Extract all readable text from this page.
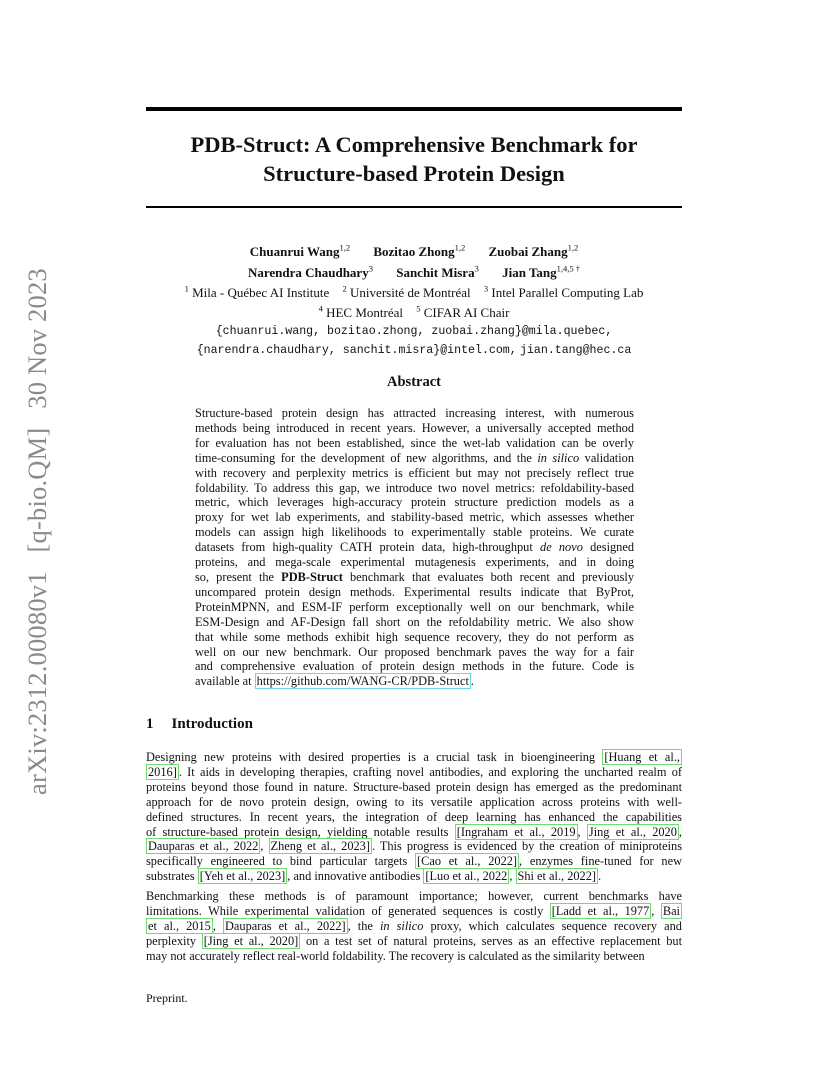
arXiv:2312.00080v1 [q-bio.QM] 30 Nov 2023
PDB-Struct: A Comprehensive Benchmark for
Structure-based Protein Design
Chuanrui Wang$^{1,2}$ Bozitao Zhong$^{1,2}$ Zuobai Zhang$^{1,2}$
Narendra Chaudhary$^3$ Sanchit Misra$^3$ Jian Tang$^{1,4,5 \dagger}$
$^1$ Mila - Québec AI Institute $^2$ Université de Montréal $^3$ Intel Parallel Computing Lab
$^4$ HEC Montréal $^5$ CIFAR AI Chair
{chuanrui.wang, bozitao.zhong, zuobai.zhang}@mila.quebec,
{narendra.chaudhary, sanchit.misra}@intel.com, jian.tang@hec.ca
Abstract
Structure-based protein design has attracted increasing interest, with numerous
methods being introduced in recent years. However, a universally accepted method
for evaluation has not been established, since the wet-lab validation can be overly
time-consuming for the development of new algorithms, and the in silico validation
with recovery and perplexity metrics is efficient but may not precisely reflect true
foldability. To address this gap, we introduce two novel metrics: refoldability-based
metric, which leverages high-accuracy protein structure prediction models as a
proxy for wet lab experiments, and stability-based metric, which assesses whether
models can assign high likelihoods to experimentally stable proteins. We curate
datasets from high-quality CATH protein data, high-throughput de novo designed
proteins, and mega-scale experimental mutagenesis experiments, and in doing
so, present the PDB-Struct benchmark that evaluates both recent and previously
uncompared protein design methods. Experimental results indicate that ByProt,
ProteinMPNN, and ESM-IF perform exceptionally well on our benchmark, while
ESM-Design and AF-Design fall short on the refoldability metric. We also show
that while some methods exhibit high sequence recovery, they do not perform as
well on our new benchmark. Our proposed benchmark paves the way for a fair
and comprehensive evaluation of protein design methods in the future. Code is
available at https://github.com/WANG-CR/PDB-Struct .
1 Introduction
Designing new proteins with desired properties is a crucial task in bioengineering [Huang et al.,
2016] . It aids in developing therapies, crafting novel antibodies, and exploring the uncharted realm of
proteins beyond those found in nature. Structure-based protein design has emerged as the predominant
approach for de novo protein design, owing to its versatile application across proteins with well-
defined structures. In recent years, the integration of deep learning has enhanced the capabilities
of structure-based protein design, yielding notable results [Ingraham et al., 2019 , Jing et al., 2020 ,
Dauparas et al., 2022 , Zheng et al., 2023] . This progress is evidenced by the creation of miniproteins
specifically engineered to bind particular targets [Cao et al., 2022] , enzymes fine-tuned for new
substrates [Yeh et al., 2023] , and innovative antibodies [Luo et al., 2022 , Shi et al., 2022] .
Benchmarking these methods is of paramount importance; however, current benchmarks have
limitations. While experimental validation of generated sequences is costly [Ladd et al., 1977 , Bai
et al., 2015 , Dauparas et al., 2022] , the in silico proxy, which calculates sequence recovery and
perplexity [Jing et al., 2020] on a test set of natural proteins, serves as an effective replacement but
may not accurately reflect real-world foldability. The recovery is calculated as the similarity between
Preprint.
